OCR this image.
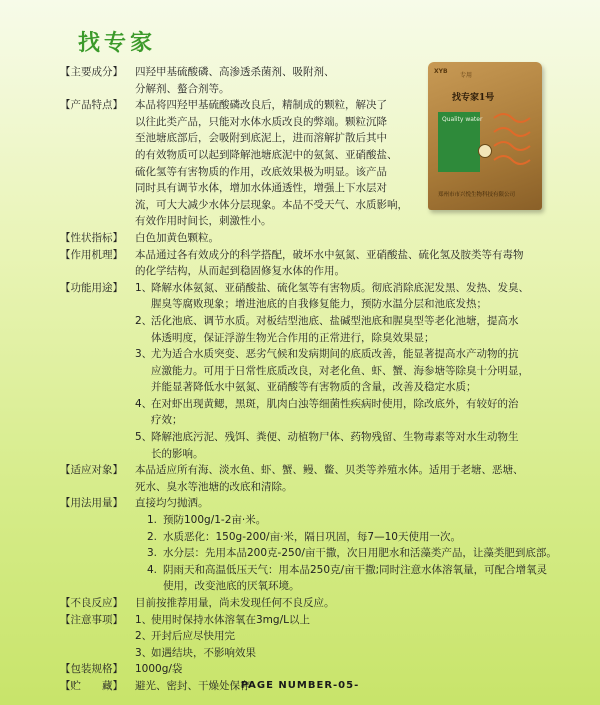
找专家
XYB
专用
找专家1号
Quality water
郑州市市兴悦生物科技有限公司
【主要成分】	四羟甲基硫酸磷、高渗透杀菌剂、吸附剂、
分解剂、螯合剂等。
【产品特点】	本品将四羟甲基硫酸磷改良后，精制成的颗粒，解决了
以往此类产品，只能对水体水质改良的弊端。颗粒沉降
至池塘底部后，会吸附到底泥上，进而溶解扩散后其中
的有效物质可以起到降解池塘底泥中的氨氮、亚硝酸盐、
硫化氢等有害物质的作用，改底效果极为明显。该产品
同时具有调节水体，增加水体通透性，增强上下水层对
流，可大大减少水体分层现象。本品不受天气、水质影响，
有效作用时间长，刺激性小。
【性状指标】	白色加黄色颗粒。
【作用机理】	本品通过各有效成分的科学搭配，破坏水中氨氮、亚硝酸盐、硫化氢及胺类等有毒物
的化学结构，从而起到稳固修复水体的作用。
【功能用途】	1、
降解水体氨氮、亚硝酸盐、硫化氢等有害物质。彻底消除底泥发黑、发热、发臭、
腥臭等腐败现象；增进池底的自我修复能力，预防水温分层和池底发热；
2、
活化池底、调节水质。对板结型池底、盐碱型池底和腥臭型等老化池塘，提高水
体透明度，保证浮游生物光合作用的正常进行，除臭效果显；
3、
尤为适合水质突变、恶劣气候和发病期间的底质改善，能显著提高水产动物的抗
应激能力。可用于日常性底质改良，对老化鱼、虾、蟹、海参塘等除臭十分明显，
并能显著降低水中氨氮、亚硝酸等有害物质的含量，改善及稳定水质；
4、
在对虾出现黄鳃，黑斑，肌肉白浊等细菌性疾病时使用，除改底外，有较好的治
疗效；
5、
降解池底污泥、残饵、粪便、动植物尸体、药物残留、生物毒素等对水生动物生
长的影响。
【适应对象】	本品适应所有海、淡水鱼、虾、蟹、鳗、鳖、贝类等养殖水体。适用于老塘、恶塘、
死水、臭水等池塘的改底和清除。
【用法用量】	直接均匀抛洒。
1. 预防100g/1-2亩·米。
2. 水质恶化：150g-200/亩·米，隔日巩固，每7—10天使用一次。
3. 水分层：先用本品200克-250/亩干撒，次日用肥水和活藻类产品，让藻类肥到底部。
4. 阴雨天和高温低压天气：用本品250克/亩干撒;同时注意水体溶氧量，可配合增氧灵
使用，改变池底的厌氧环境。
【不良反应】	目前按推荐用量，尚未发现任何不良反应。
【注意事项】	1、
使用时保持水体溶氧在3mg/L以上
2、
开封后应尽快用完
3、
如遇结块，不影响效果
【包装规格】	1000g/袋
【贮　　藏】	避光、密封、干燥处保存
PAGE NUMBER-05-
